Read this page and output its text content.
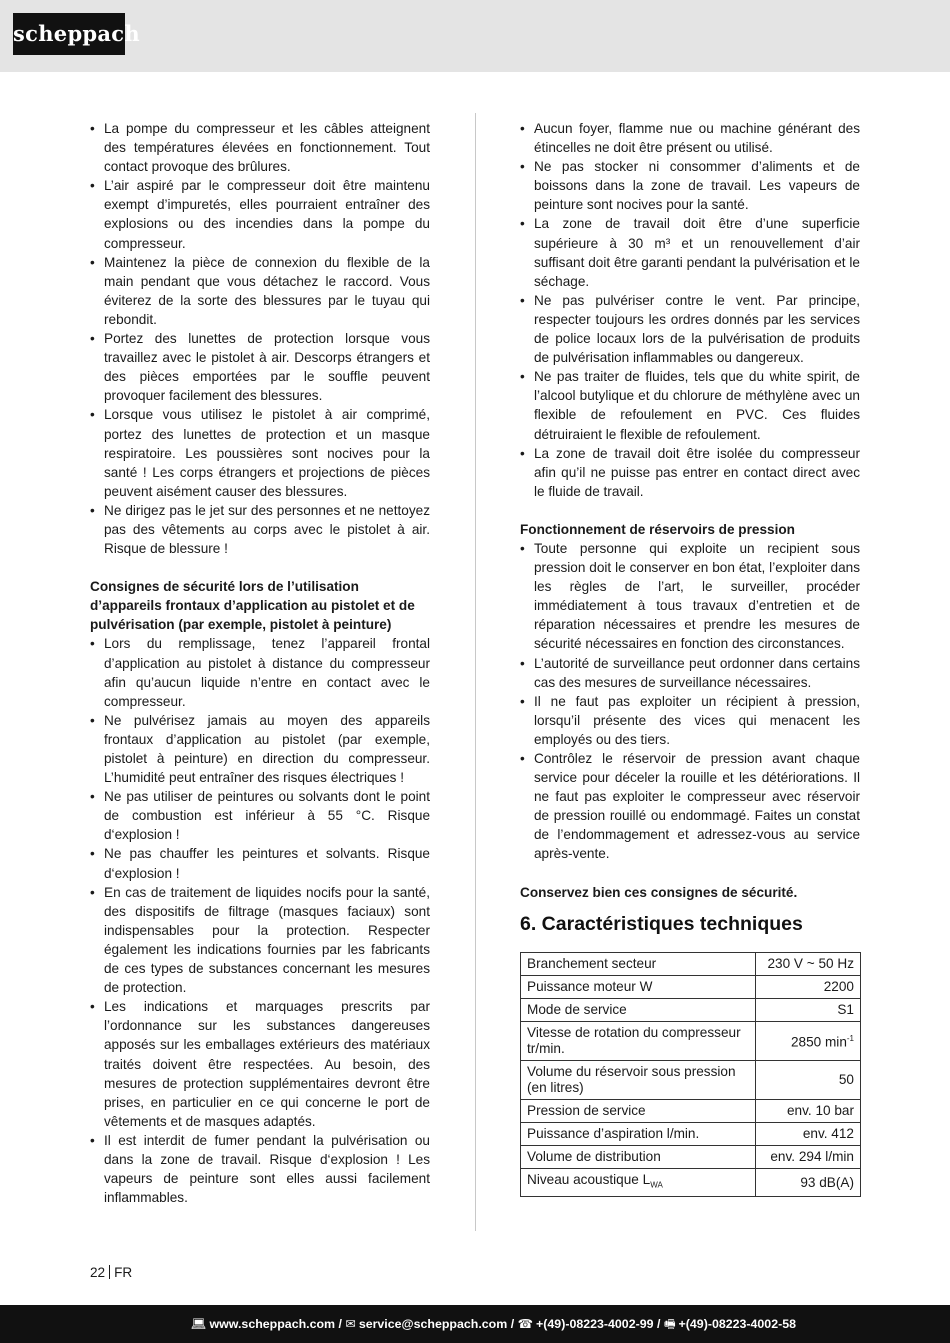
scheppach
• La pompe du compresseur et les câbles atteignent des températures élevées en fonctionnement. Tout contact provoque des brûlures.
• L’air aspiré par le compresseur doit être maintenu exempt d’impuretés, elles pourraient entraîner des explosions ou des incendies dans la pompe du compresseur.
• Maintenez la pièce de connexion du flexible de la main pendant que vous détachez le raccord. Vous éviterez de la sorte des blessures par le tuyau qui rebondit.
• Portez des lunettes de protection lorsque vous travaillez avec le pistolet à air. Descorps étrangers et des pièces emportées par le souffle peuvent provoquer facilement des blessures.
• Lorsque vous utilisez le pistolet à air comprimé, portez des lunettes de protection et un masque respiratoire. Les poussières sont nocives pour la santé ! Les corps étrangers et projections de pièces peuvent aisément causer des blessures.
• Ne dirigez pas le jet sur des personnes et ne nettoyez pas des vêtements au corps avec le pistolet à air. Risque de blessure !

Consignes de sécurité lors de l’utilisation d’appareils frontaux d’application au pistolet et de pulvérisation (par exemple, pistolet à peinture)

• Lors du remplissage, tenez l’appareil frontal d’application au pistolet à distance du compresseur afin qu’aucun liquide n’entre en contact avec le compresseur.
• Ne pulvérisez jamais au moyen des appareils frontaux d’application au pistolet (par exemple, pistolet à peinture) en direction du compresseur. L’humidité peut entraîner des risques électriques !
• Ne pas utiliser de peintures ou solvants dont le point de combustion est inférieur à 55 °C. Risque d‘explosion !
• Ne pas chauffer les peintures et solvants. Risque d‘explosion !
• En cas de traitement de liquides nocifs pour la santé, des dispositifs de filtrage (masques faciaux) sont indispensables pour la protection. Respecter également les indications fournies par les fabricants de ces types de substances concernant les mesures de protection.
• Les indications et marquages prescrits par l’ordonnance sur les substances dangereuses apposés sur les emballages extérieurs des matériaux traités doivent être respectées. Au besoin, des mesures de protection supplémentaires devront être prises, en particulier en ce qui concerne le port de vêtements et de masques adaptés.
• Il est interdit de fumer pendant la pulvérisation ou dans la zone de travail. Risque d‘explosion ! Les vapeurs de peinture sont elles aussi facilement inflammables.
• Aucun foyer, flamme nue ou machine générant des étincelles ne doit être présent ou utilisé.
• Ne pas stocker ni consommer d’aliments et de boissons dans la zone de travail. Les vapeurs de peinture sont nocives pour la santé.
• La zone de travail doit être d’une superficie supérieure à 30 m³ et un renouvellement d’air suffisant doit être garanti pendant la pulvérisation et le séchage.
• Ne pas pulvériser contre le vent. Par principe, respecter toujours les ordres donnés par les services de police locaux lors de la pulvérisation de produits de pulvérisation inflammables ou dangereux.
• Ne pas traiter de fluides, tels que du white spirit, de l’alcool butylique et du chlorure de méthylène avec un flexible de refoulement en PVC. Ces fluides détruiraient le flexible de refoulement.
• La zone de travail doit être isolée du compresseur afin qu’il ne puisse pas entrer en contact direct avec le fluide de travail.

Fonctionnement de réservoirs de pression

• Toute personne qui exploite un recipient sous pression doit le conserver en bon état, l’exploiter dans les règles de l’art, le surveiller, procéder immédiatement à tous travaux d’entretien et de réparation nécessaires et prendre les mesures de sécurité nécessaires en fonction des circonstances.
• L’autorité de surveillance peut ordonner dans certains cas des mesures de surveillance nécessaires.
• Il ne faut pas exploiter un récipient à pression, lorsqu’il présente des vices qui menacent les employés ou des tiers.
• Contrôlez le réservoir de pression avant chaque service pour déceler la rouille et les détériorations. Il ne faut pas exploiter le compresseur avec réservoir de pression rouillé ou endommagé. Faites un constat de l’endommagement et adressez-vous au service après-vente.

Conservez bien ces consignes de sécurité.

6. Caractéristiques techniques
Branchement secteur	230 V ~ 50 Hz
Puissance moteur W	2200
Mode de service	S1
Vitesse de rotation du compresseur tr/min.	2850 $\min^{-1}$
Volume du réservoir sous pression (en litres)	50
Pression de service	env. 10 bar
Puissance d’aspiration l/min.	env. 412
Volume de distribution	env. 294 l/min
Niveau acoustique $L_{WA}$	93 dB(A)
22 FR
💻︎ www.scheppach.com / ✉︎ service@scheppach.com / ☎︎ +(49)-08223-4002-99 / 🖷︎ +(49)-08223-4002-58
